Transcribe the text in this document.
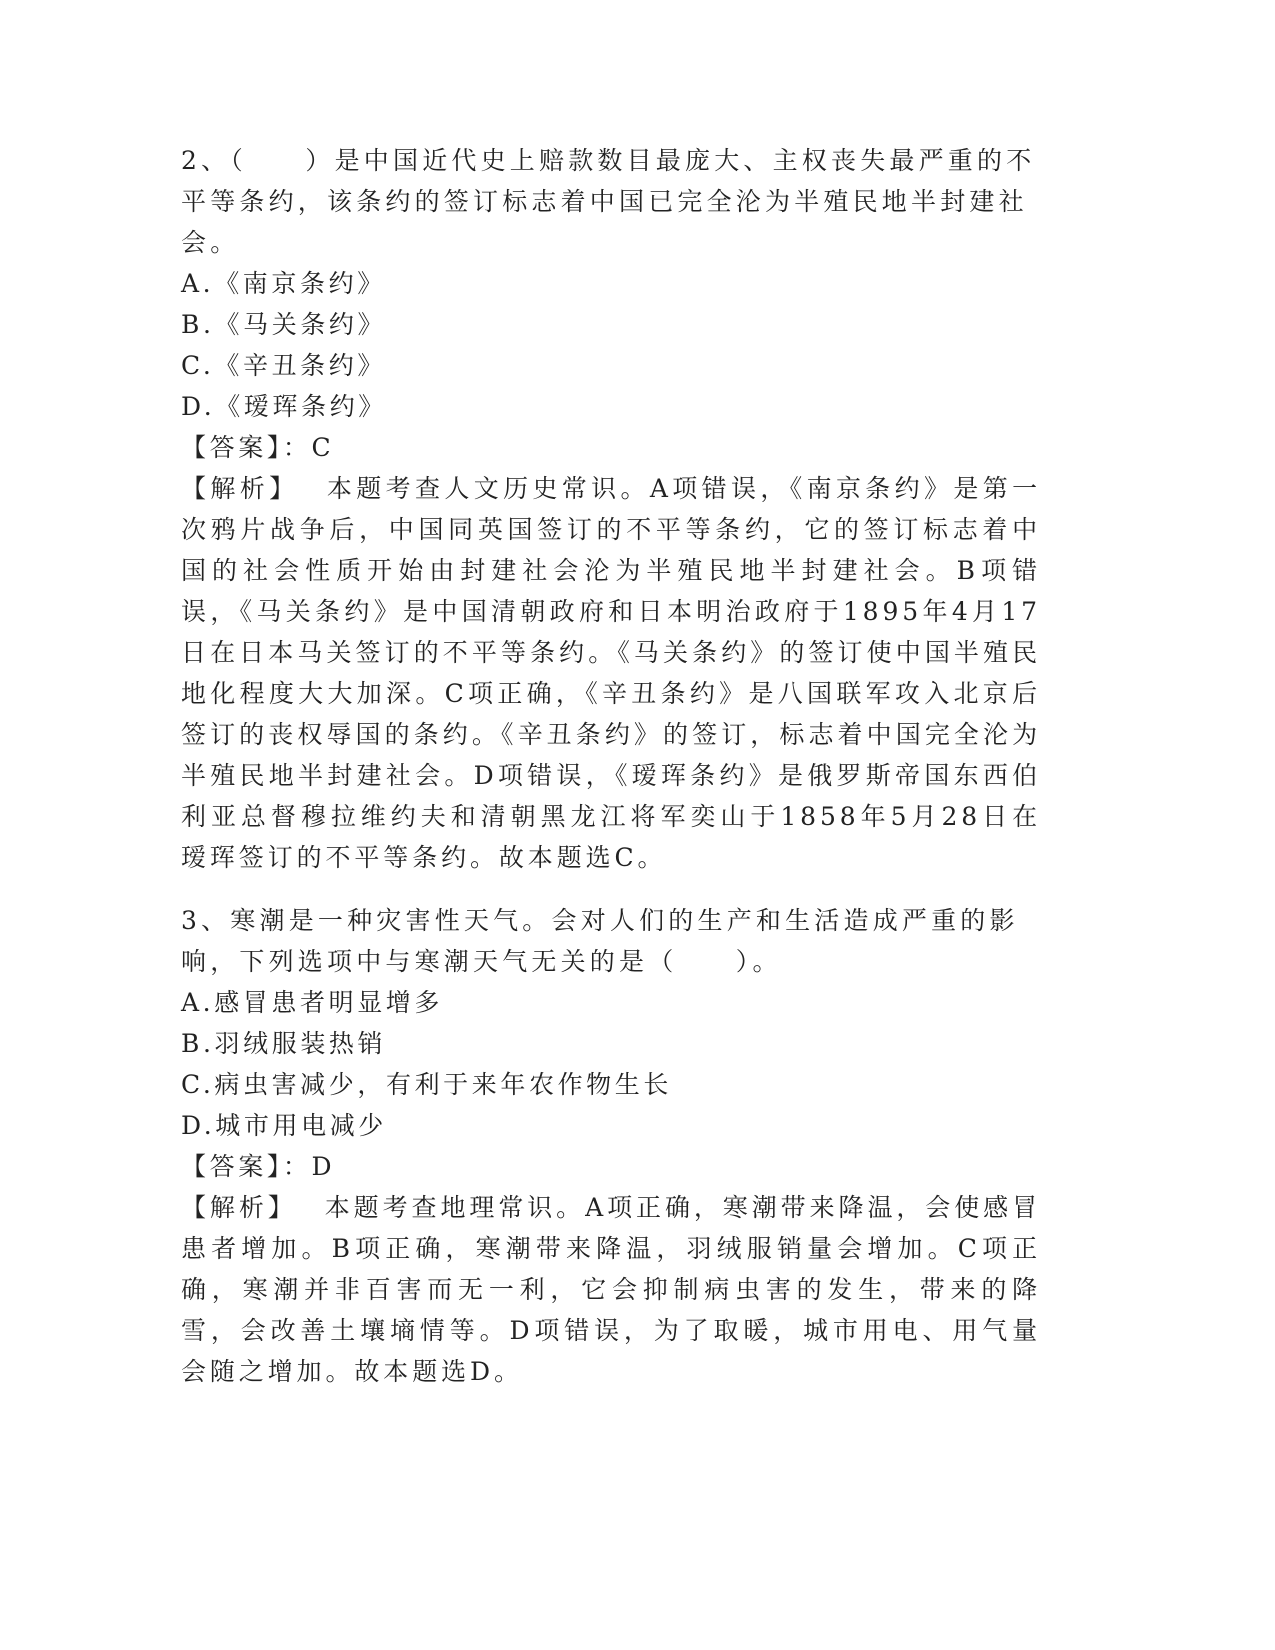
2、（　　）是中国近代史上赔款数目最庞大、主权丧失最严重的不平等条约，该条约的签订标志着中国已完全沦为半殖民地半封建社会。

A.《南京条约》

B.《马关条约》

C.《辛丑条约》

D.《瑷珲条约》

【答案】：C

【解析】 本题考查人文历史常识。A项错误，《南京条约》是第一次鸦片战争后，中国同英国签订的不平等条约，它的签订标志着中国的社会性质开始由封建社会沦为半殖民地半封建社会。B项错误，《马关条约》是中国清朝政府和日本明治政府于1895年4月17日在日本马关签订的不平等条约。《马关条约》的签订使中国半殖民地化程度大大加深。C项正确，《辛丑条约》是八国联军攻入北京后签订的丧权辱国的条约。《辛丑条约》的签订，标志着中国完全沦为半殖民地半封建社会。D项错误，《瑷珲条约》是俄罗斯帝国东西伯利亚总督穆拉维约夫和清朝黑龙江将军奕山于1858年5月28日在瑷珲签订的不平等条约。故本题选C。

3、寒潮是一种灾害性天气。会对人们的生产和生活造成严重的影响，下列选项中与寒潮天气无关的是（　　）。

A.感冒患者明显增多

B.羽绒服装热销

C.病虫害减少，有利于来年农作物生长

D.城市用电减少

【答案】：D

【解析】 本题考查地理常识。A项正确，寒潮带来降温，会使感冒患者增加。B项正确，寒潮带来降温，羽绒服销量会增加。C项正确，寒潮并非百害而无一利，它会抑制病虫害的发生，带来的降雪，会改善土壤墒情等。D项错误，为了取暖，城市用电、用气量会随之增加。故本题选D。
